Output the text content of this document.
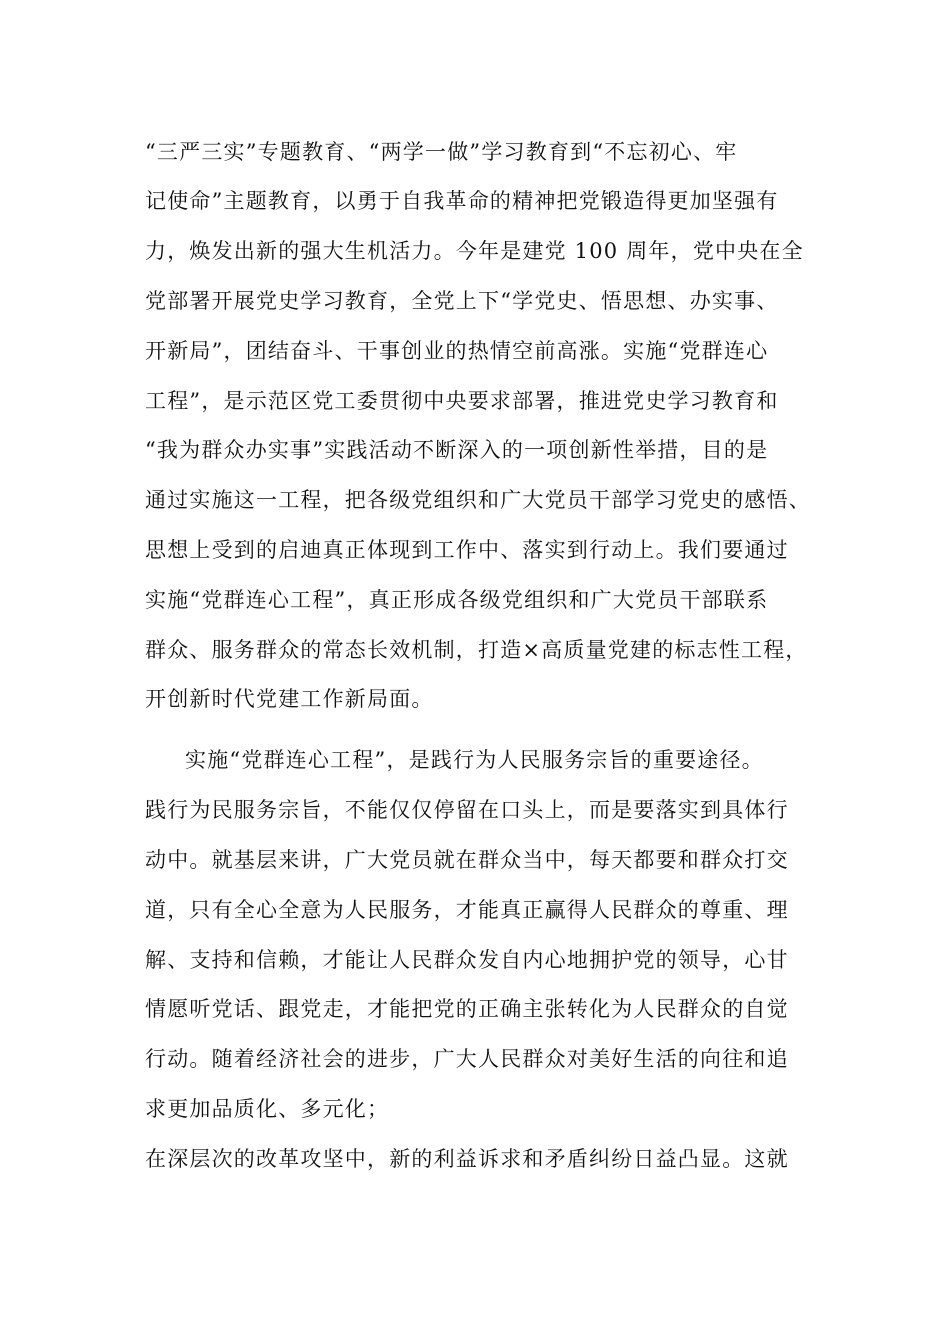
“三严三实”专题教育、“两学一做”学习教育到“不忘初心、牢
记使命”主题教育，以勇于自我革命的精神把党锻造得更加坚强有
力，焕发出新的强大生机活力。今年是建党 100 周年，党中央在全
党部署开展党史学习教育，全党上下“学党史、悟思想、办实事、
开新局”，团结奋斗、干事创业的热情空前高涨。实施“党群连心
工程”，是示范区党工委贯彻中央要求部署，推进党史学习教育和
“我为群众办实事”实践活动不断深入的一项创新性举措，目的是
通过实施这一工程，把各级党组织和广大党员干部学习党史的感悟、
思想上受到的启迪真正体现到工作中、落实到行动上。我们要通过
实施“党群连心工程”，真正形成各级党组织和广大党员干部联系
群众、服务群众的常态长效机制，打造×高质量党建的标志性工程，
开创新时代党建工作新局面。
实施“党群连心工程”，是践行为人民服务宗旨的重要途径。
践行为民服务宗旨，不能仅仅停留在口头上，而是要落实到具体行
动中。就基层来讲，广大党员就在群众当中，每天都要和群众打交
道，只有全心全意为人民服务，才能真正赢得人民群众的尊重、理
解、支持和信赖，才能让人民群众发自内心地拥护党的领导，心甘
情愿听党话、跟党走，才能把党的正确主张转化为人民群众的自觉
行动。随着经济社会的进步，广大人民群众对美好生活的向往和追
求更加品质化、多元化；
在深层次的改革攻坚中，新的利益诉求和矛盾纠纷日益凸显。这就
